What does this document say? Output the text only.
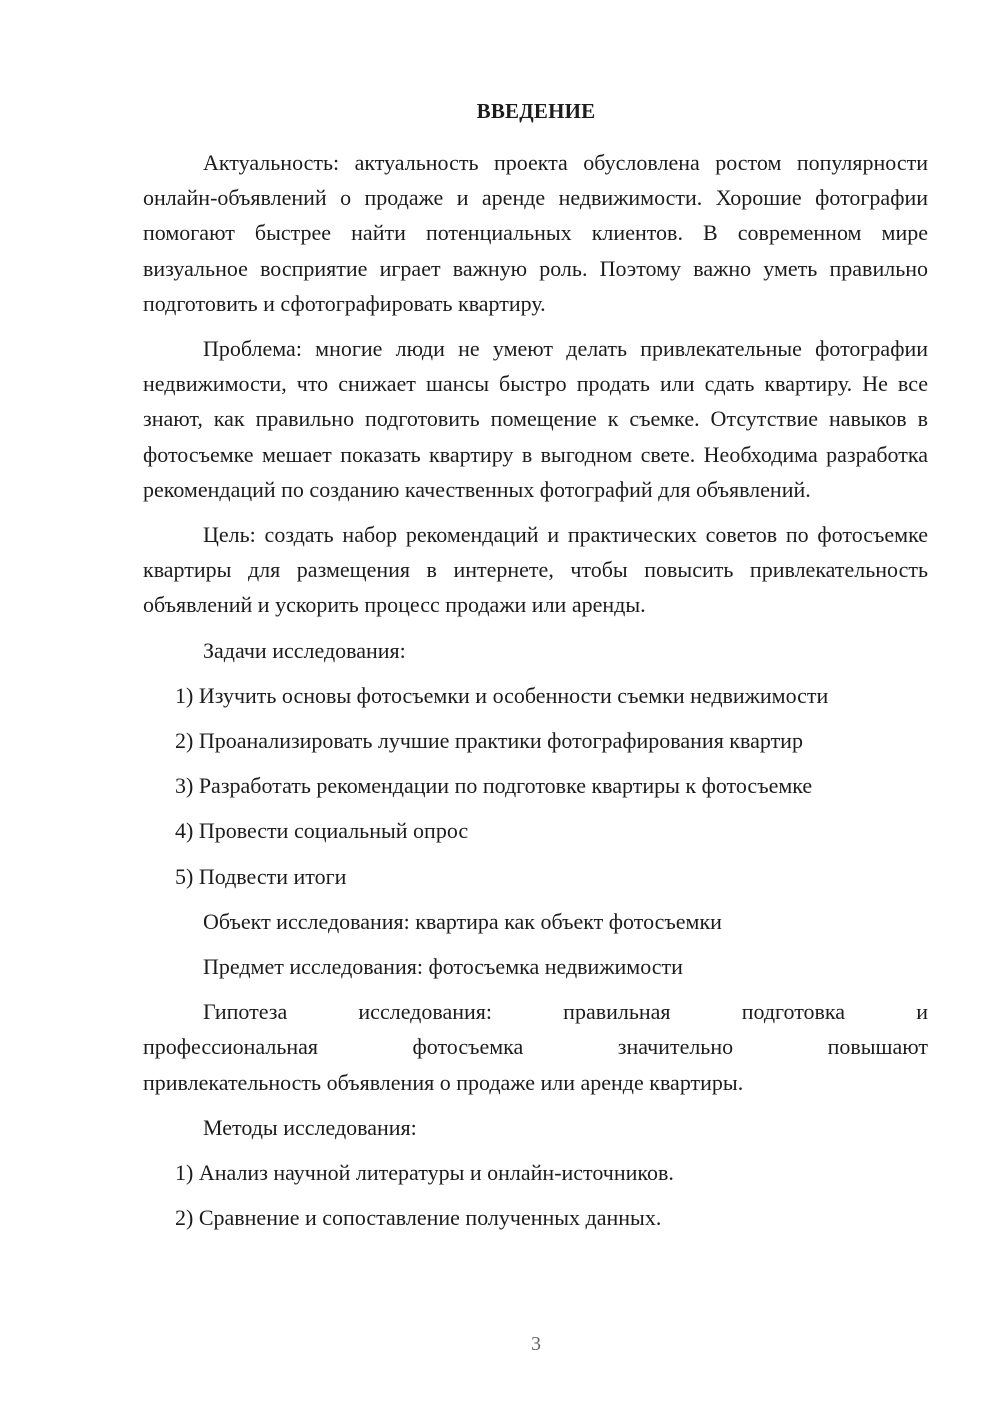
ВВЕДЕНИЕ

Актуальность: актуальность проекта обусловлена ростом популярности онлайн-объявлений о продаже и аренде недвижимости. Хорошие фотографии помогают быстрее найти потенциальных клиентов. В современном мире визуальное восприятие играет важную роль. Поэтому важно уметь правильно подготовить и сфотографировать квартиру.

Проблема: многие люди не умеют делать привлекательные фотографии недвижимости, что снижает шансы быстро продать или сдать квартиру. Не все знают, как правильно подготовить помещение к съемке. Отсутствие навыков в фотосъемке мешает показать квартиру в выгодном свете. Необходима разработка рекомендаций по созданию качественных фотографий для объявлений.

Цель: создать набор рекомендаций и практических советов по фотосъемке квартиры для размещения в интернете, чтобы повысить привлекательность объявлений и ускорить процесс продажи или аренды.

Задачи исследования:

1) Изучить основы фотосъемки и особенности съемки недвижимости

2) Проанализировать лучшие практики фотографирования квартир

3) Разработать рекомендации по подготовке квартиры к фотосъемке

4) Провести социальный опрос

5) Подвести итоги

Объект исследования: квартира как объект фотосъемки

Предмет исследования: фотосъемка недвижимости

Гипотеза исследования: правильная подготовка и

профессиональная фотосъемка значительно повышают

привлекательность объявления о продаже или аренде квартиры.

Методы исследования:

1) Анализ научной литературы и онлайн-источников.

2) Сравнение и сопоставление полученных данных.

3
